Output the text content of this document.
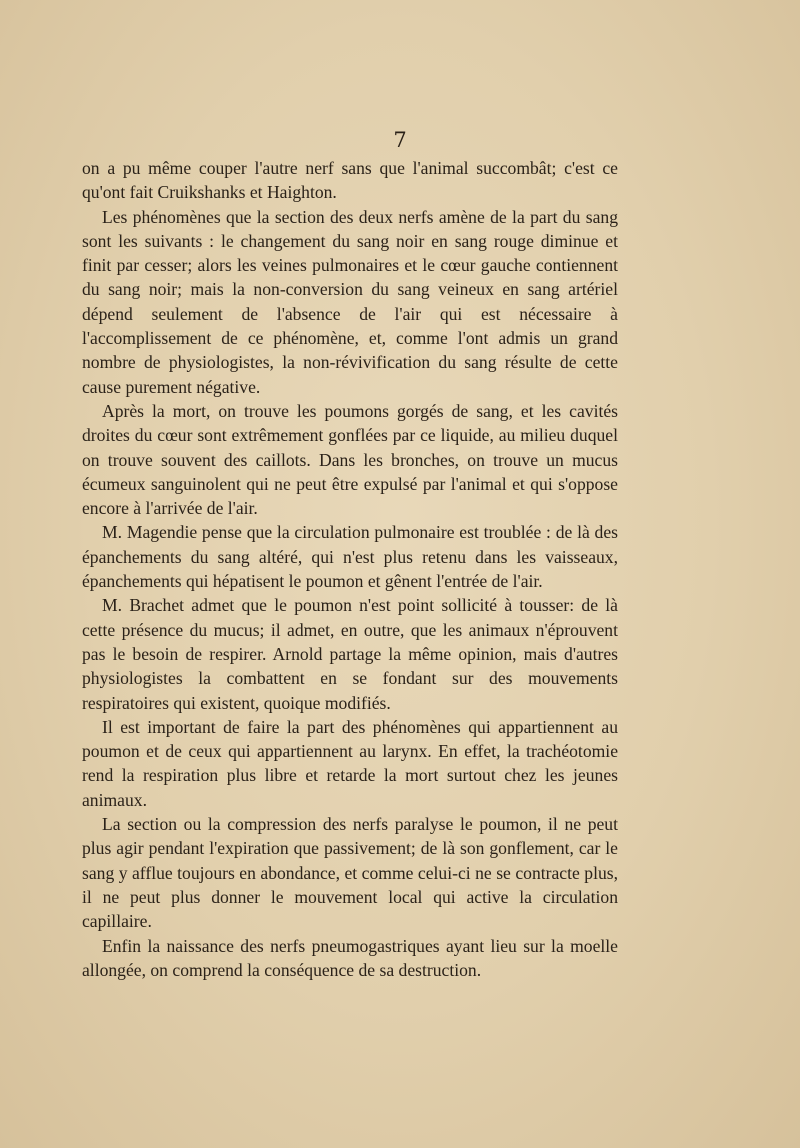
7

on a pu même couper l'autre nerf sans que l'animal succombât; c'est ce qu'ont fait Cruikshanks et Haighton.

Les phénomènes que la section des deux nerfs amène de la part du sang sont les suivants : le changement du sang noir en sang rouge diminue et finit par cesser; alors les veines pulmonaires et le cœur gauche contiennent du sang noir; mais la non-conversion du sang veineux en sang artériel dépend seulement de l'absence de l'air qui est nécessaire à l'accomplissement de ce phénomène, et, comme l'ont admis un grand nombre de physiologistes, la non-révivification du sang résulte de cette cause purement négative.

Après la mort, on trouve les poumons gorgés de sang, et les cavités droites du cœur sont extrêmement gonflées par ce liquide, au milieu duquel on trouve souvent des caillots. Dans les bronches, on trouve un mucus écumeux sanguinolent qui ne peut être expulsé par l'animal et qui s'oppose encore à l'arrivée de l'air.

M. Magendie pense que la circulation pulmonaire est troublée : de là des épanchements du sang altéré, qui n'est plus retenu dans les vaisseaux, épanchements qui hépatisent le poumon et gênent l'entrée de l'air.

M. Brachet admet que le poumon n'est point sollicité à tousser: de là cette présence du mucus; il admet, en outre, que les animaux n'éprouvent pas le besoin de respirer. Arnold partage la même opinion, mais d'autres physiologistes la combattent en se fondant sur des mouvements respiratoires qui existent, quoique modifiés.

Il est important de faire la part des phénomènes qui appartiennent au poumon et de ceux qui appartiennent au larynx. En effet, la trachéotomie rend la respiration plus libre et retarde la mort surtout chez les jeunes animaux.

La section ou la compression des nerfs paralyse le poumon, il ne peut plus agir pendant l'expiration que passivement; de là son gonflement, car le sang y afflue toujours en abondance, et comme celui-ci ne se contracte plus, il ne peut plus donner le mouvement local qui active la circulation capillaire.

Enfin la naissance des nerfs pneumogastriques ayant lieu sur la moelle allongée, on comprend la conséquence de sa destruction.
